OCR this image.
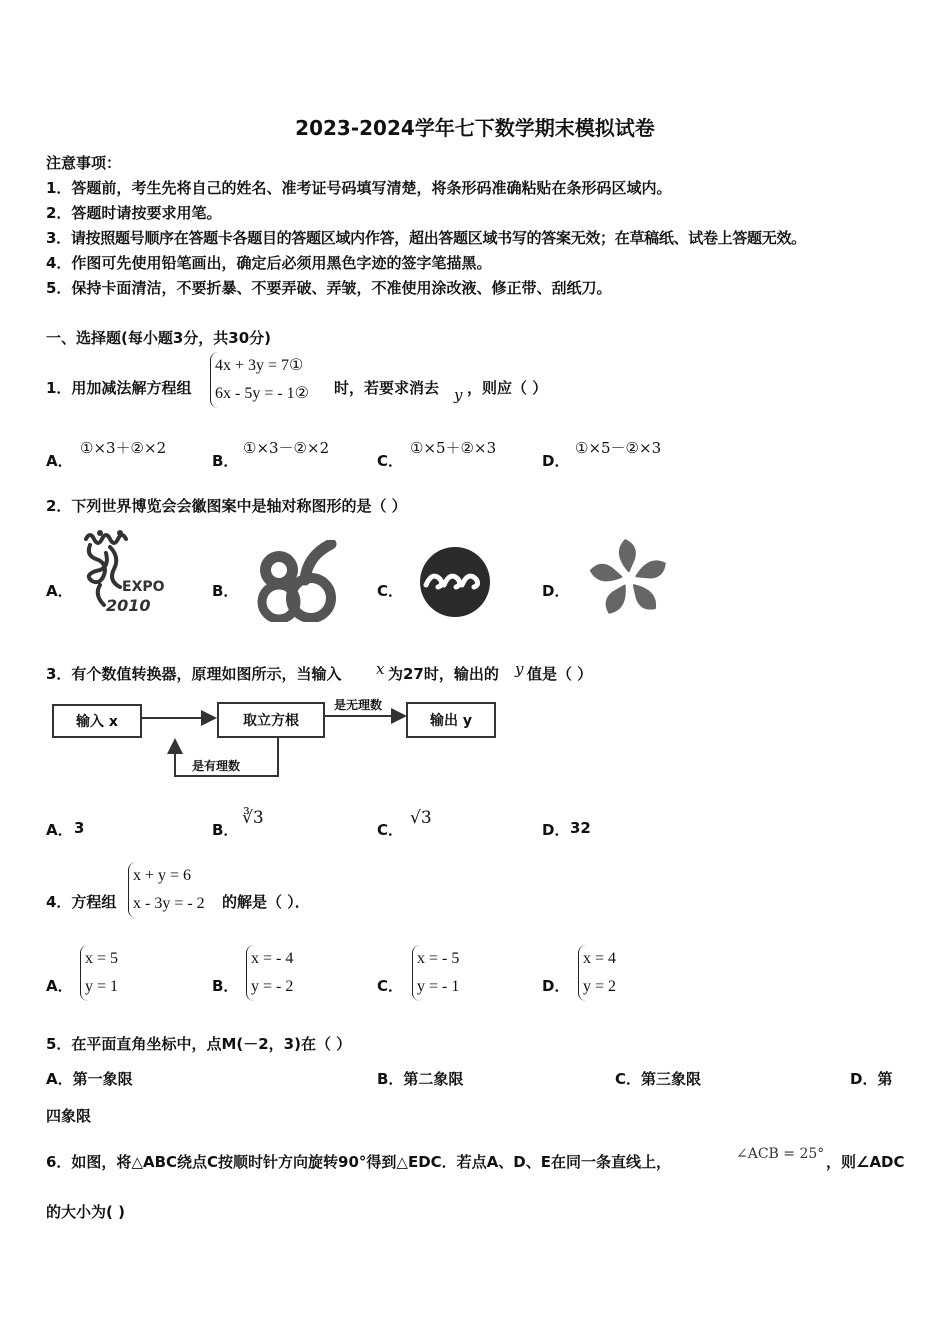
2023-2024学年七下数学期末模拟试卷
注意事项：
1．答题前，考生先将自己的姓名、准考证号码填写清楚，将条形码准确粘贴在条形码区域内。
2．答题时请按要求用笔。
3．请按照题号顺序在答题卡各题目的答题区域内作答，超出答题区域书写的答案无效；在草稿纸、试卷上答题无效。
4．作图可先使用铅笔画出，确定后必须用黑色字迹的签字笔描黑。
5．保持卡面清洁，不要折暴、不要弄破、弄皱，不准使用涂改液、修正带、刮纸刀。
一、选择题(每小题3分，共30分)
1．用加减法解方程组
4x + 3y = 7①
6x - 5y = - 1② 时，若要求消去 y ，则应（ ）
A．
①×3＋②×2
B．
①×3－②×2
C．
①×5＋②×3
D．
①×5－②×3
2．下列世界博览会会徽图案中是轴对称图形的是（ ）
A．	EXPO
2010
B．	C．	D．
3．有个数值转换器，原理如图所示，当输入 x 为27时，输出的 y 值是（ ）
输入 x	取立方根	输出 y
是无理数
是有理数
A． 3	B．
∛3
C．
√3
D． 32
4．方程组
x + y = 6
x - 3y = - 2 的解是（ ）．
A．
x = 5
y = 1	B．
x = - 4
y = - 2	C．
x = - 5
y = - 1	D．
x = 4
y = 2
5．在平面直角坐标中，点M(－2，3)在（ ）
A．第一象限	B．第二象限	C．第三象限	D．第
四象限
6．如图，将△ABC绕点C按顺时针方向旋转90°得到△EDC．若点A、D、E在同一条直线上，	∠ACB = 25° ，则∠ADC
的大小为( )
